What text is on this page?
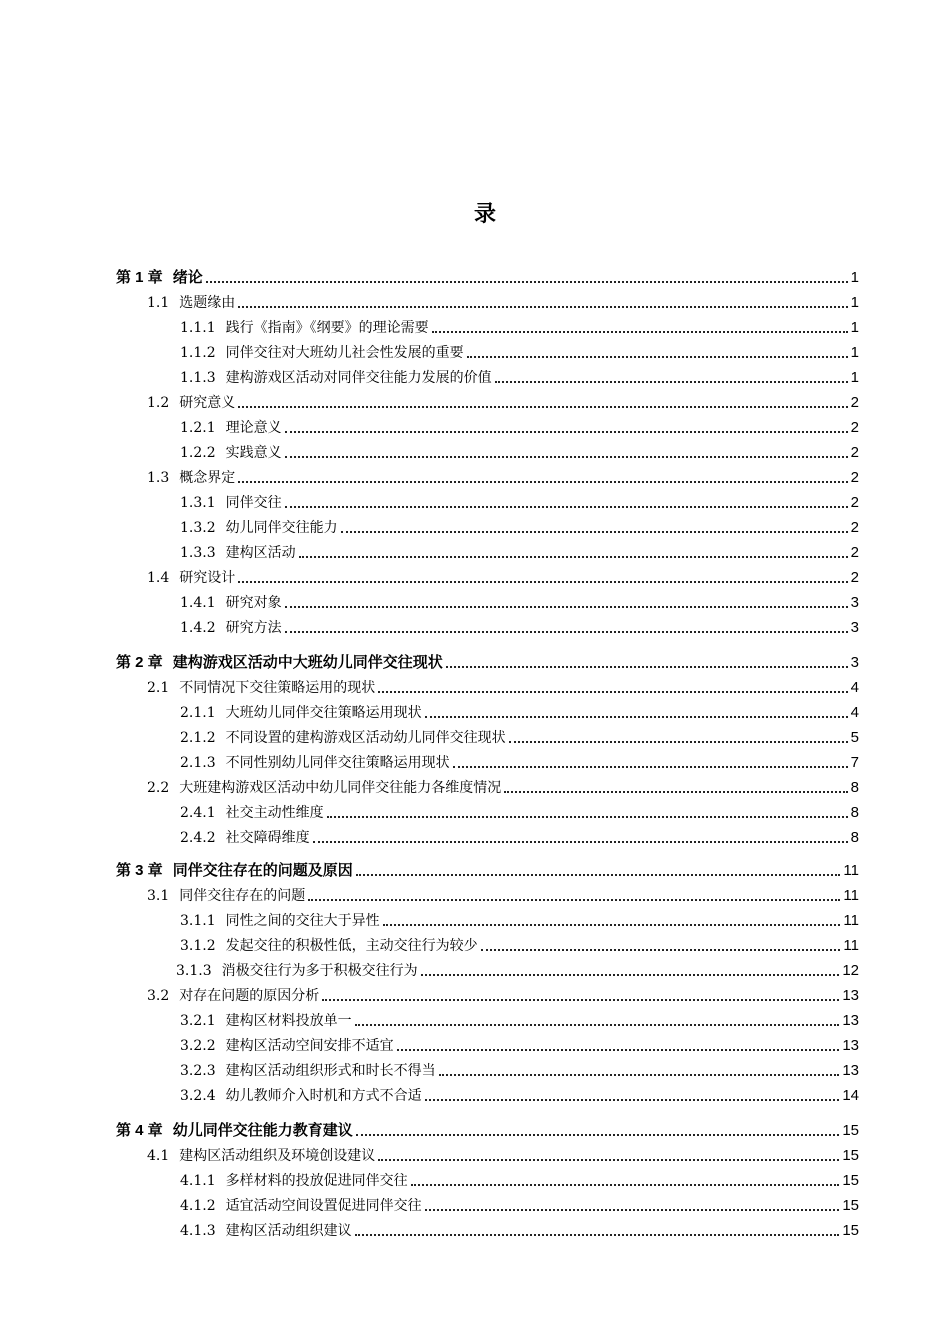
录
第 1 章 绪论	1
1.1 选题缘由	1
1.1.1 践行《指南》《纲要》的理论需要	1
1.1.2 同伴交往对大班幼儿社会性发展的重要	1
1.1.3 建构游戏区活动对同伴交往能力发展的价值	1
1.2 研究意义	2
1.2.1 理论意义	2
1.2.2 实践意义	2
1.3 概念界定	2
1.3.1 同伴交往	2
1.3.2 幼儿同伴交往能力	2
1.3.3 建构区活动	2
1.4 研究设计	2
1.4.1 研究对象	3
1.4.2 研究方法	3
第 2 章 建构游戏区活动中大班幼儿同伴交往现状	3
2.1 不同情况下交往策略运用的现状	4
2.1.1 大班幼儿同伴交往策略运用现状	4
2.1.2 不同设置的建构游戏区活动幼儿同伴交往现状	5
2.1.3 不同性别幼儿同伴交往策略运用现状	7
2.2 大班建构游戏区活动中幼儿同伴交往能力各维度情况	8
2.4.1 社交主动性维度	8
2.4.2 社交障碍维度	8
第 3 章 同伴交往存在的问题及原因	11
3.1 同伴交往存在的问题	11
3.1.1 同性之间的交往大于异性	11
3.1.2 发起交往的积极性低，主动交往行为较少	11
3.1.3 消极交往行为多于积极交往行为	12
3.2 对存在问题的原因分析	13
3.2.1 建构区材料投放单一	13
3.2.2 建构区活动空间安排不适宜	13
3.2.3 建构区活动组织形式和时长不得当	13
3.2.4 幼儿教师介入时机和方式不合适	14
第 4 章 幼儿同伴交往能力教育建议	15
4.1 建构区活动组织及环境创设建议	15
4.1.1 多样材料的投放促进同伴交往	15
4.1.2 适宜活动空间设置促进同伴交往	15
4.1.3 建构区活动组织建议	15
